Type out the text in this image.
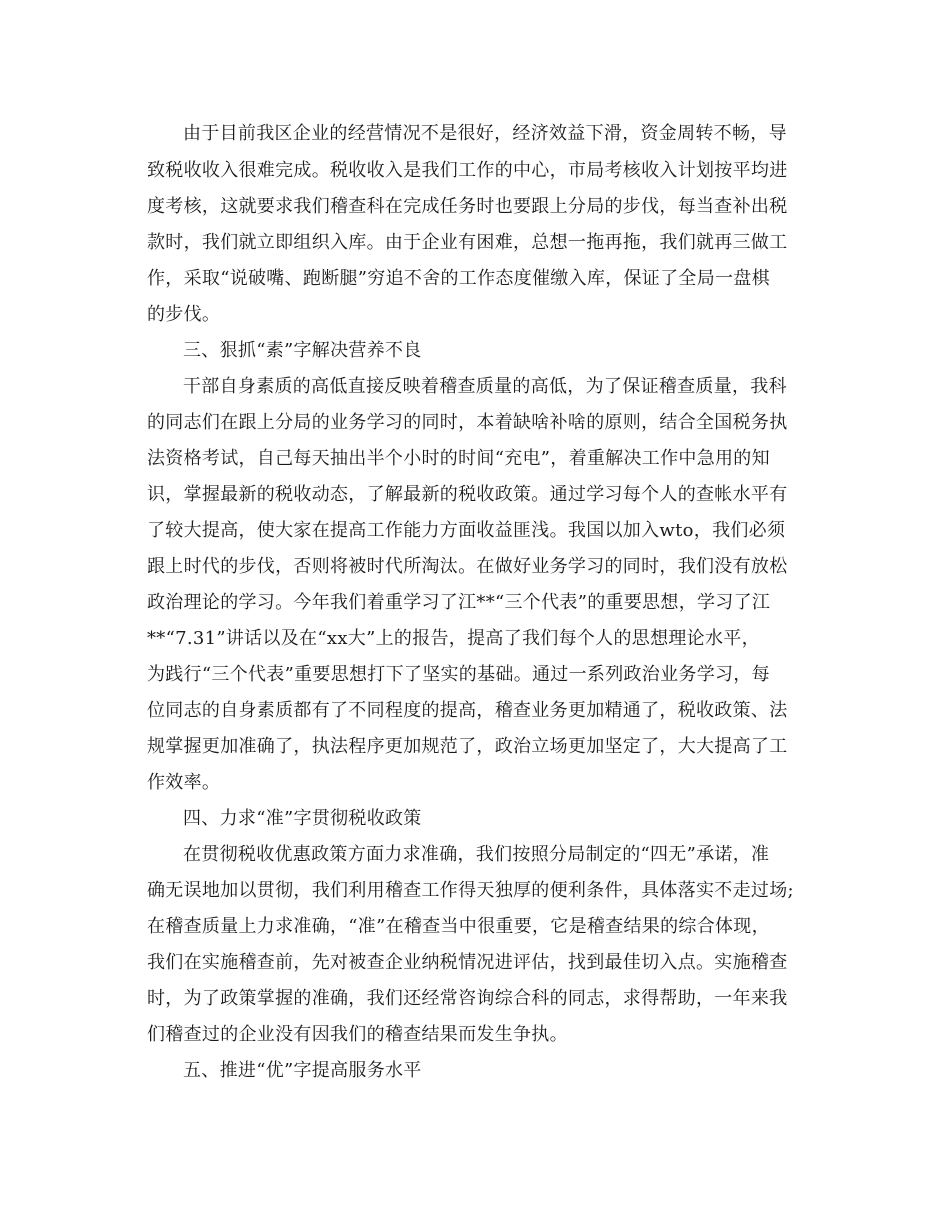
由于目前我区企业的经营情况不是很好，经济效益下滑，资金周转不畅，导
致税收收入很难完成。税收收入是我们工作的中心，市局考核收入计划按平均进
度考核，这就要求我们稽查科在完成任务时也要跟上分局的步伐，每当查补出税
款时，我们就立即组织入库。由于企业有困难，总想一拖再拖，我们就再三做工
作，采取“说破嘴、跑断腿”穷追不舍的工作态度催缴入库，保证了全局一盘棋
的步伐。
三、狠抓“素”字解决营养不良
干部自身素质的高低直接反映着稽查质量的高低，为了保证稽查质量，我科
的同志们在跟上分局的业务学习的同时，本着缺啥补啥的原则，结合全国税务执
法资格考试，自己每天抽出半个小时的时间“充电”，着重解决工作中急用的知
识，掌握最新的税收动态，了解最新的税收政策。通过学习每个人的查帐水平有
了较大提高，使大家在提高工作能力方面收益匪浅。我国以加入wto，我们必须
跟上时代的步伐，否则将被时代所淘汰。在做好业务学习的同时，我们没有放松
政治理论的学习。今年我们着重学习了江**“三个代表”的重要思想，学习了江
**“7.31”讲话以及在“xx大”上的报告，提高了我们每个人的思想理论水平，
为践行“三个代表”重要思想打下了坚实的基础。通过一系列政治业务学习，每
位同志的自身素质都有了不同程度的提高，稽查业务更加精通了，税收政策、法
规掌握更加准确了，执法程序更加规范了，政治立场更加坚定了，大大提高了工
作效率。
四、力求“准”字贯彻税收政策
在贯彻税收优惠政策方面力求准确，我们按照分局制定的“四无”承诺，准
确无误地加以贯彻，我们利用稽查工作得天独厚的便利条件，具体落实不走过场;
在稽查质量上力求准确，“准”在稽查当中很重要，它是稽查结果的综合体现，
我们在实施稽查前，先对被查企业纳税情况进评估，找到最佳切入点。实施稽查
时，为了政策掌握的准确，我们还经常咨询综合科的同志，求得帮助，一年来我
们稽查过的企业没有因我们的稽查结果而发生争执。
五、推进“优”字提高服务水平
